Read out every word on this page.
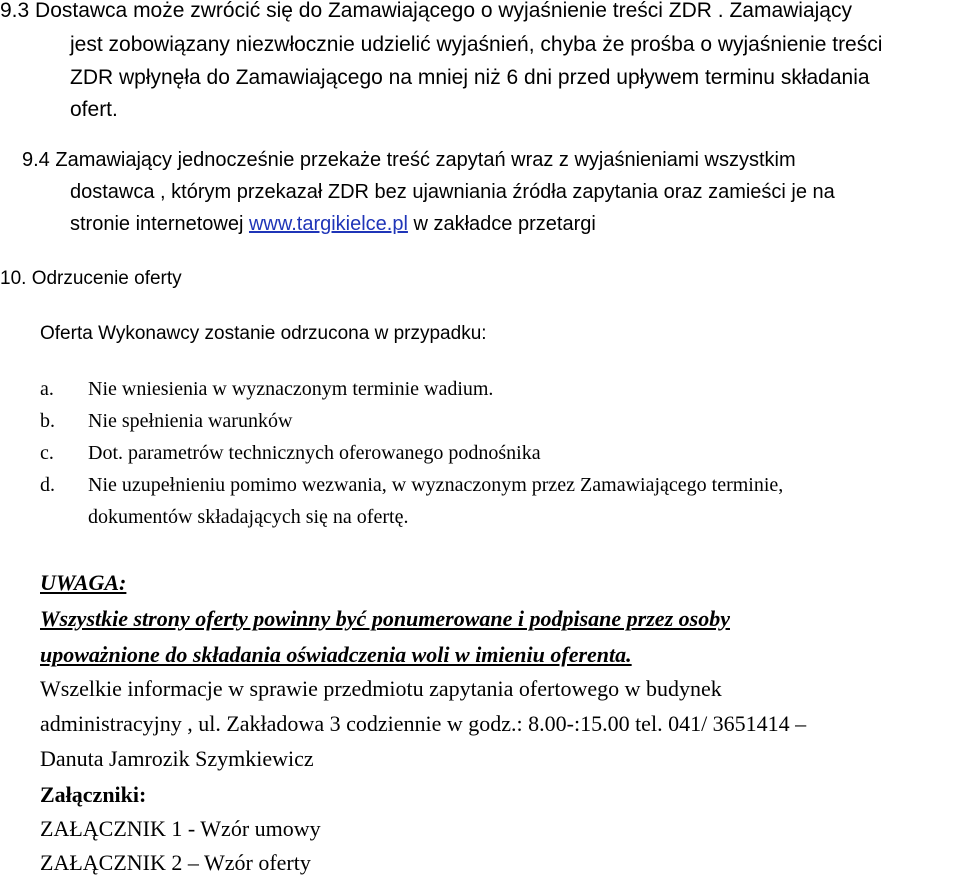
9.3 Dostawca może zwrócić się do Zamawiającego o wyjaśnienie treści ZDR . Zamawiający
jest zobowiązany niezwłocznie udzielić wyjaśnień, chyba że prośba o wyjaśnienie treści
ZDR wpłynęła do Zamawiającego na mniej niż 6 dni przed upływem terminu składania
ofert.
9.4 Zamawiający jednocześnie przekaże treść zapytań wraz z wyjaśnieniami wszystkim
dostawca , którym przekazał ZDR bez ujawniania źródła zapytania oraz zamieści je na
stronie internetowej www.targikielce.pl w zakładce przetargi
10. Odrzucenie oferty
Oferta Wykonawcy zostanie odrzucona w przypadku:
a. Nie wniesienia w wyznaczonym terminie wadium.
b. Nie spełnienia warunków
c. Dot. parametrów technicznych oferowanego podnośnika
d. Nie uzupełnieniu pomimo wezwania, w wyznaczonym przez Zamawiającego terminie,
dokumentów składających się na ofertę.
UWAGA:
Wszystkie strony oferty powinny być ponumerowane i podpisane przez osoby
upoważnione do składania oświadczenia woli w imieniu oferenta.
Wszelkie informacje w sprawie przedmiotu zapytania ofertowego w budynek
administracyjny , ul. Zakładowa 3 codziennie w godz.: 8.00-:15.00 tel. 041/ 3651414 –
Danuta Jamrozik Szymkiewicz
Załączniki:
ZAŁĄCZNIK 1 - Wzór umowy
ZAŁĄCZNIK 2 – Wzór oferty
